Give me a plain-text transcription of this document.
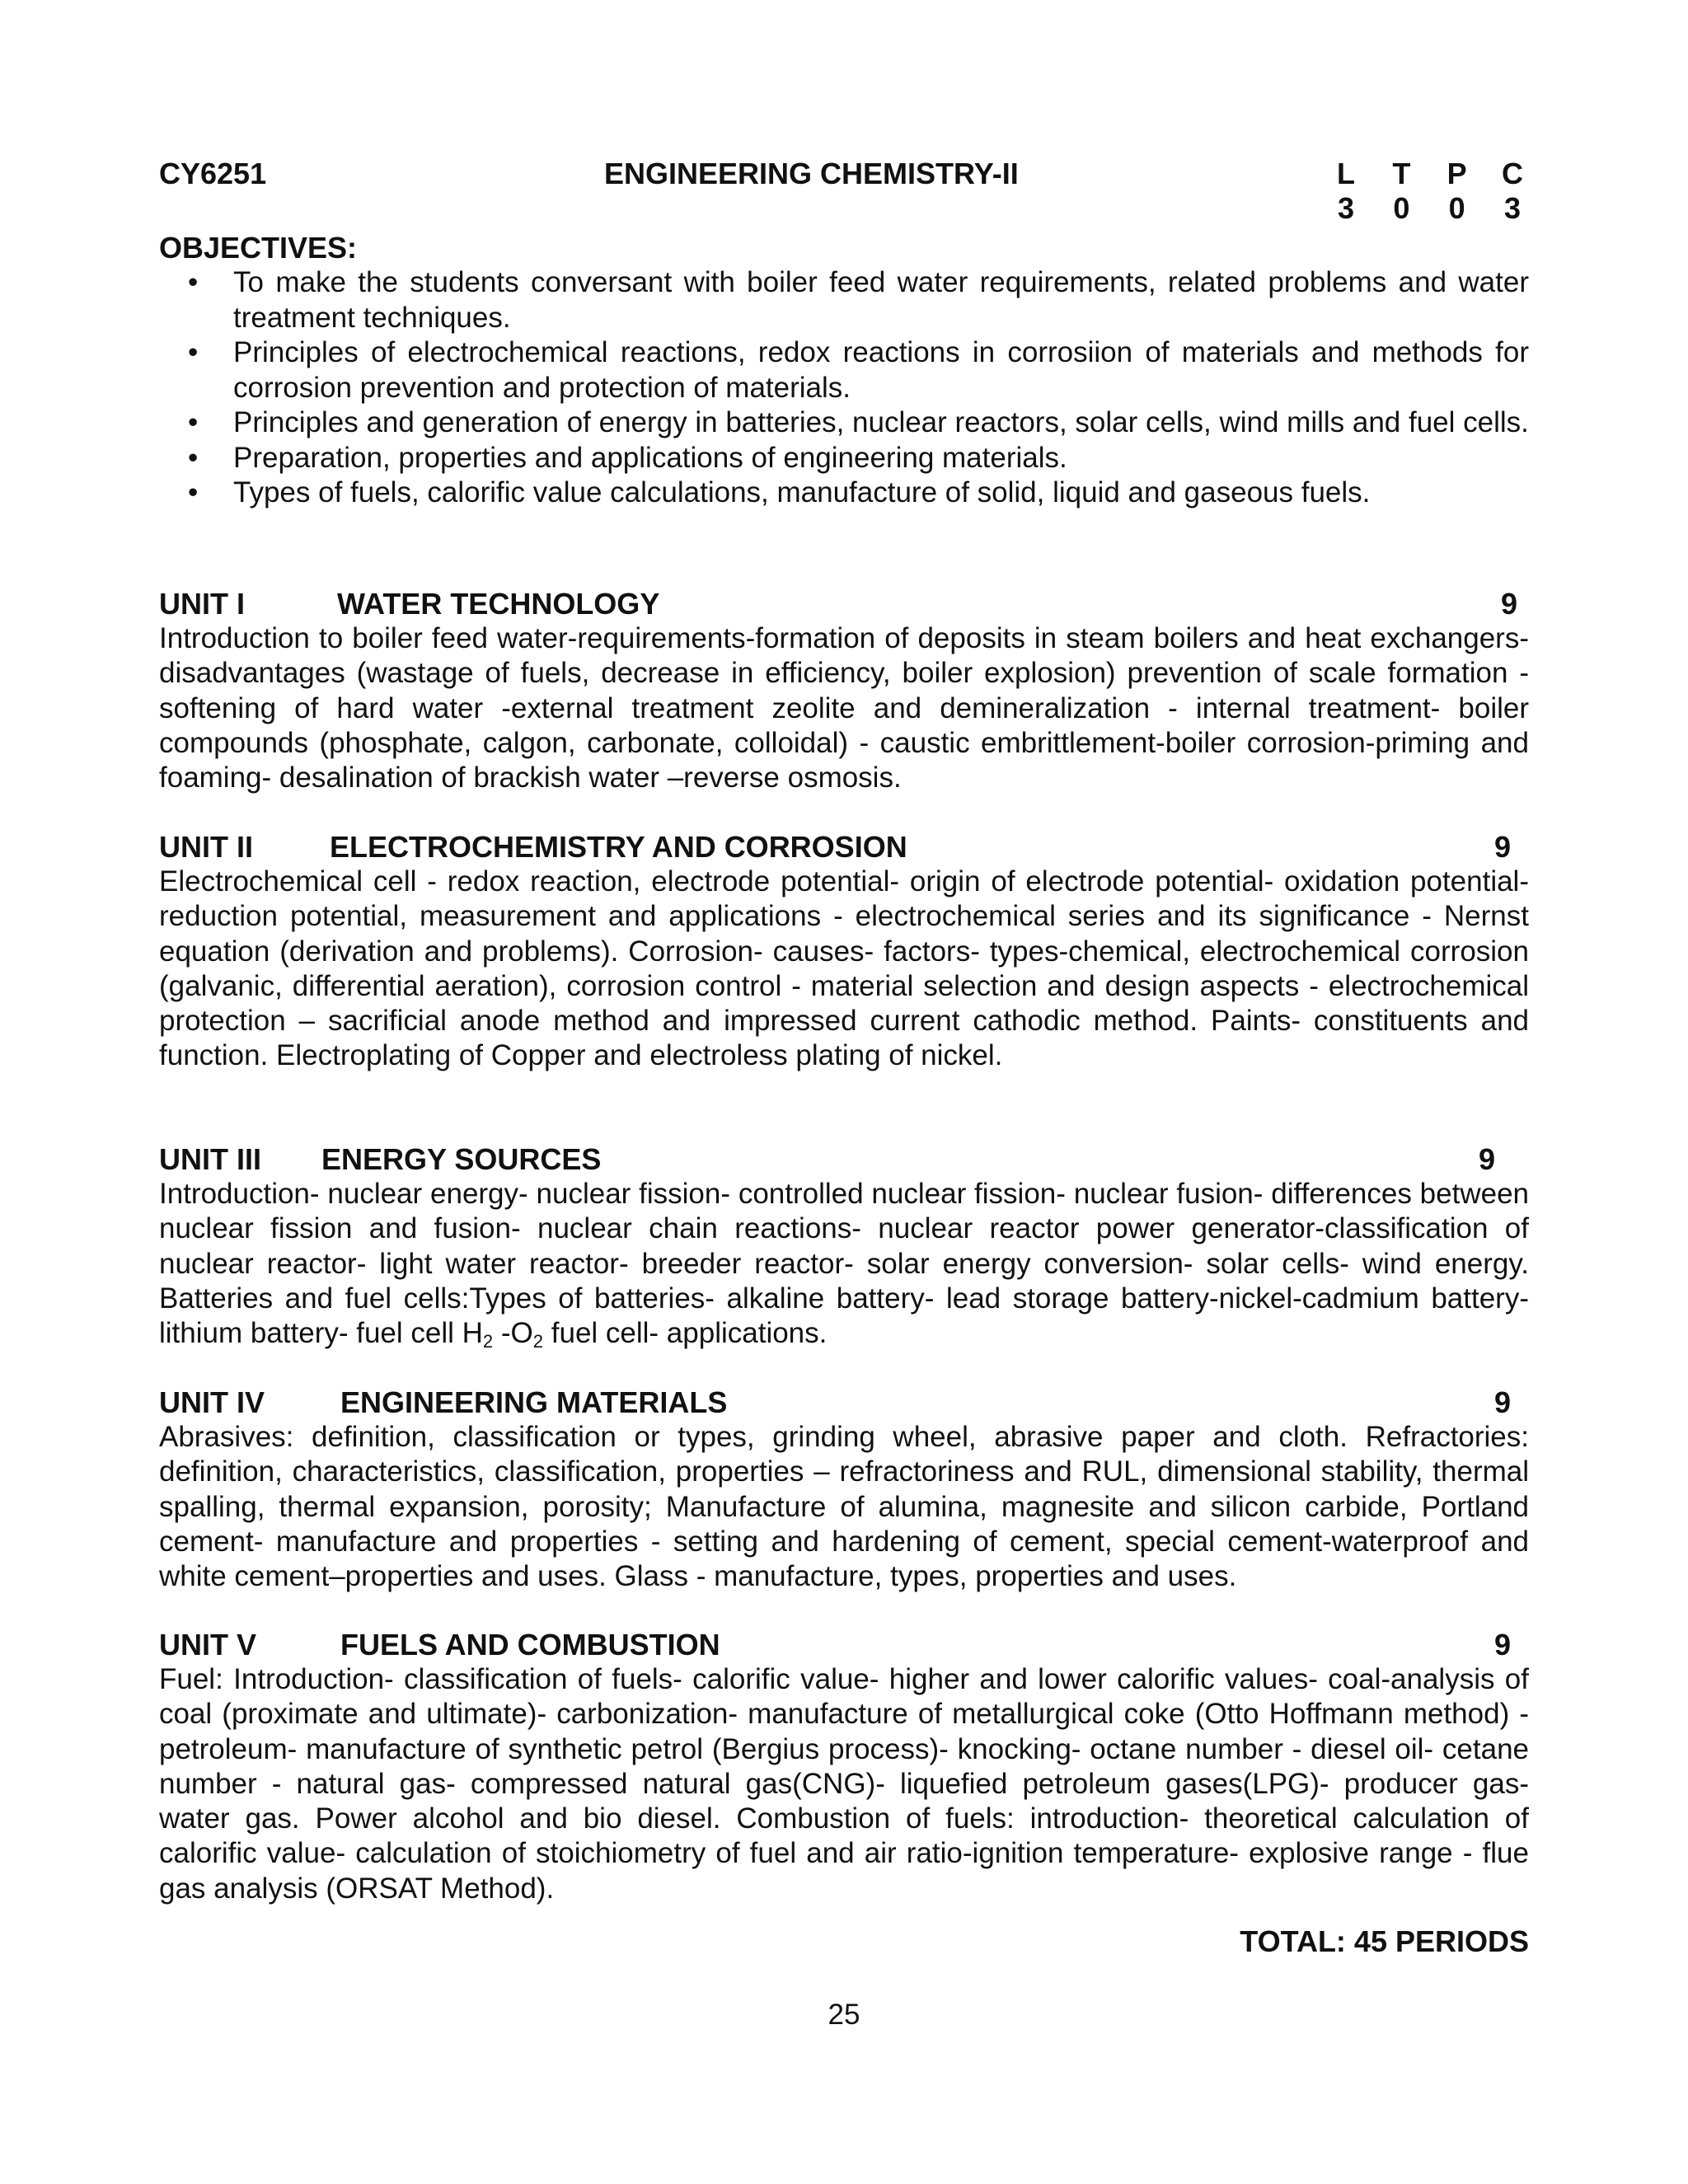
CY6251	ENGINEERING CHEMISTRY-II	L T P C
3 0 0 3
OBJECTIVES:
• To make the students conversant with boiler feed water requirements, related problems and water treatment techniques.
• Principles of electrochemical reactions, redox reactions in corrosiion of materials and methods for corrosion prevention and protection of materials.
• Principles and generation of energy in batteries, nuclear reactors, solar cells, wind mills and fuel cells.
• Preparation, properties and applications of engineering materials.
• Types of fuels, calorific value calculations, manufacture of solid, liquid and gaseous fuels.
UNIT I	WATER TECHNOLOGY	9
Introduction to boiler feed water-requirements-formation of deposits in steam boilers and heat exchangers- disadvantages (wastage of fuels, decrease in efficiency, boiler explosion) prevention of scale formation -softening of hard water -external treatment zeolite and demineralization - internal treatment- boiler compounds (phosphate, calgon, carbonate, colloidal) - caustic embrittlement-boiler corrosion-priming and foaming- desalination of brackish water –reverse osmosis.
UNIT II	ELECTROCHEMISTRY AND CORROSION	9
Electrochemical cell - redox reaction, electrode potential- origin of electrode potential- oxidation potential- reduction potential, measurement and applications - electrochemical series and its significance - Nernst equation (derivation and problems). Corrosion- causes- factors- types-chemical, electrochemical corrosion (galvanic, differential aeration), corrosion control - material selection and design aspects - electrochemical protection – sacrificial anode method and impressed current cathodic method. Paints- constituents and function. Electroplating of Copper and electroless plating of nickel.
UNIT III ENERGY SOURCES	9
Introduction- nuclear energy- nuclear fission- controlled nuclear fission- nuclear fusion- differences between nuclear fission and fusion- nuclear chain reactions- nuclear reactor power generator-classification of nuclear reactor- light water reactor- breeder reactor- solar energy conversion- solar cells- wind energy. Batteries and fuel cells:Types of batteries- alkaline battery- lead storage battery-nickel-cadmium battery- lithium battery- fuel cell $H_2$ $-O_2$ fuel cell- applications.
UNIT IV	ENGINEERING MATERIALS	9
Abrasives: definition, classification or types, grinding wheel, abrasive paper and cloth. Refractories: definition, characteristics, classification, properties – refractoriness and RUL, dimensional stability, thermal spalling, thermal expansion, porosity; Manufacture of alumina, magnesite and silicon carbide, Portland cement- manufacture and properties - setting and hardening of cement, special cement-waterproof and white cement–properties and uses. Glass - manufacture, types, properties and uses.
UNIT V	FUELS AND COMBUSTION	9
Fuel: Introduction- classification of fuels- calorific value- higher and lower calorific values- coal-analysis of coal (proximate and ultimate)- carbonization- manufacture of metallurgical coke (Otto Hoffmann method) - petroleum- manufacture of synthetic petrol (Bergius process)- knocking- octane number - diesel oil- cetane number - natural gas- compressed natural gas(CNG)- liquefied petroleum gases(LPG)- producer gas- water gas. Power alcohol and bio diesel. Combustion of fuels: introduction- theoretical calculation of calorific value- calculation of stoichiometry of fuel and air ratio-ignition temperature- explosive range - flue gas analysis (ORSAT Method).
TOTAL: 45 PERIODS
25
